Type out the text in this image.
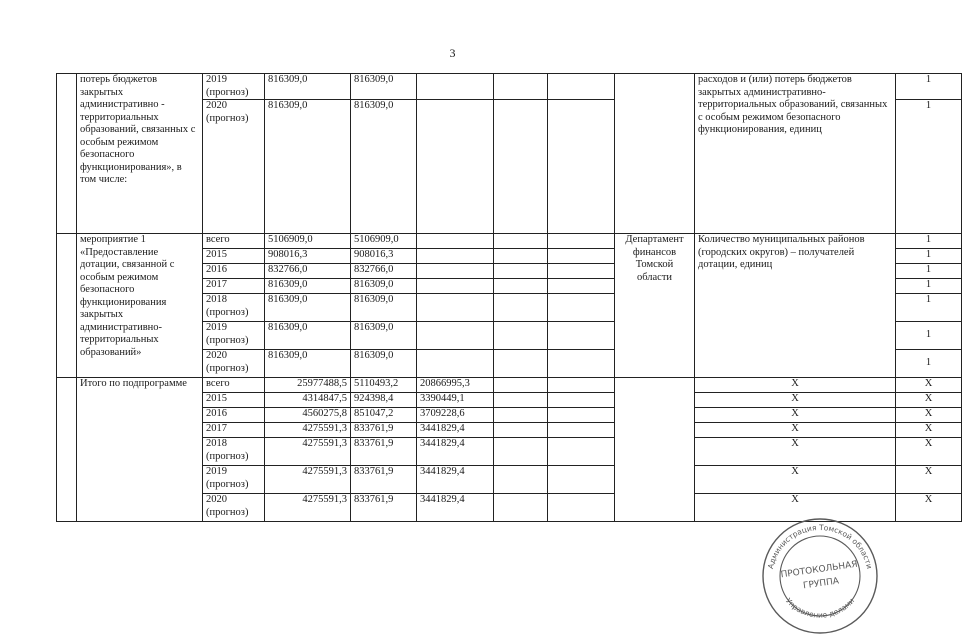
3
	потерь бюджетов закрытых административно - территориальных образований, связанных с особым режимом безопасного функционирования», в том числе:	2019
(прогноз)	816309,0	816309,0					расходов и (или) потерь бюджетов закрытых административно-территориальных образований, связанных с особым режимом безопасного функционирования, единиц	1
		2020
(прогноз)	816309,0	816309,0						1
	мероприятие 1 «Предоставление дотации, связанной с особым режимом безопасного функционирования закрытых административно-территориальных образований»	всего	5106909,0	5106909,0				Департамент финансов Томской области	Количество муниципальных районов (городских округов) – получателей дотации, единиц	1
		2015	908016,3	908016,3						1
		2016	832766,0	832766,0						1
		2017	816309,0	816309,0						1
		2018
(прогноз)	816309,0	816309,0						1
		2019
(прогноз)	816309,0	816309,0						1
		2020
(прогноз)	816309,0	816309,0						1
	Итого по подпрограмме	всего	25977488,5	5110493,2	20866995,3				Х	Х
		2015	4314847,5	924398,4	3390449,1				Х	Х
		2016	4560275,8	851047,2	3709228,6				Х	Х
		2017	4275591,3	833761,9	3441829,4				Х	Х
		2018
(прогноз)	4275591,3	833761,9	3441829,4				Х	Х
		2019
(прогноз)	4275591,3	833761,9	3441829,4				Х	Х
		2020
(прогноз)	4275591,3	833761,9	3441829,4				Х	Х
Администрация Томской области
Управление делами
ПРОТОКОЛЬНАЯ
ГРУППА
